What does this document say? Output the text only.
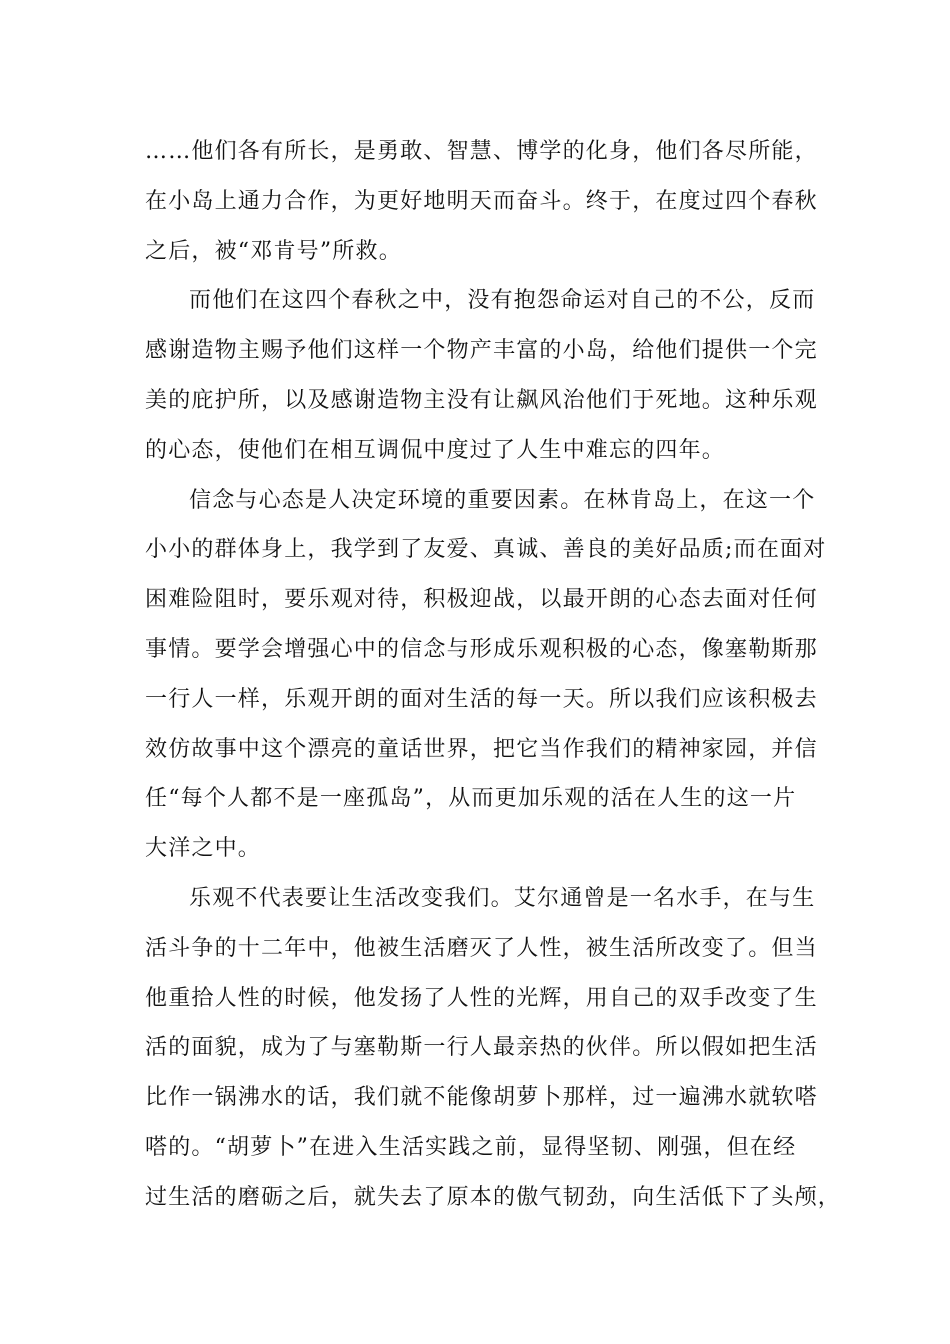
……他们各有所长，是勇敢、智慧、博学的化身，他们各尽所能，
在小岛上通力合作，为更好地明天而奋斗。终于，在度过四个春秋
之后，被“邓肯号”所救。

而他们在这四个春秋之中，没有抱怨命运对自己的不公，反而
感谢造物主赐予他们这样一个物产丰富的小岛，给他们提供一个完
美的庇护所，以及感谢造物主没有让飙风治他们于死地。这种乐观
的心态，使他们在相互调侃中度过了人生中难忘的四年。

信念与心态是人决定环境的重要因素。在林肯岛上，在这一个
小小的群体身上，我学到了友爱、真诚、善良的美好品质;而在面对
困难险阻时，要乐观对待，积极迎战，以最开朗的心态去面对任何
事情。要学会增强心中的信念与形成乐观积极的心态，像塞勒斯那
一行人一样，乐观开朗的面对生活的每一天。所以我们应该积极去
效仿故事中这个漂亮的童话世界，把它当作我们的精神家园，并信
任“每个人都不是一座孤岛”，从而更加乐观的活在人生的这一片
大洋之中。

乐观不代表要让生活改变我们。艾尔通曾是一名水手，在与生
活斗争的十二年中，他被生活磨灭了人性，被生活所改变了。但当
他重拾人性的时候，他发扬了人性的光辉，用自己的双手改变了生
活的面貌，成为了与塞勒斯一行人最亲热的伙伴。所以假如把生活
比作一锅沸水的话，我们就不能像胡萝卜那样，过一遍沸水就软嗒
嗒的。“胡萝卜”在进入生活实践之前，显得坚韧、刚强，但在经
过生活的磨砺之后，就失去了原本的傲气韧劲，向生活低下了头颅，
